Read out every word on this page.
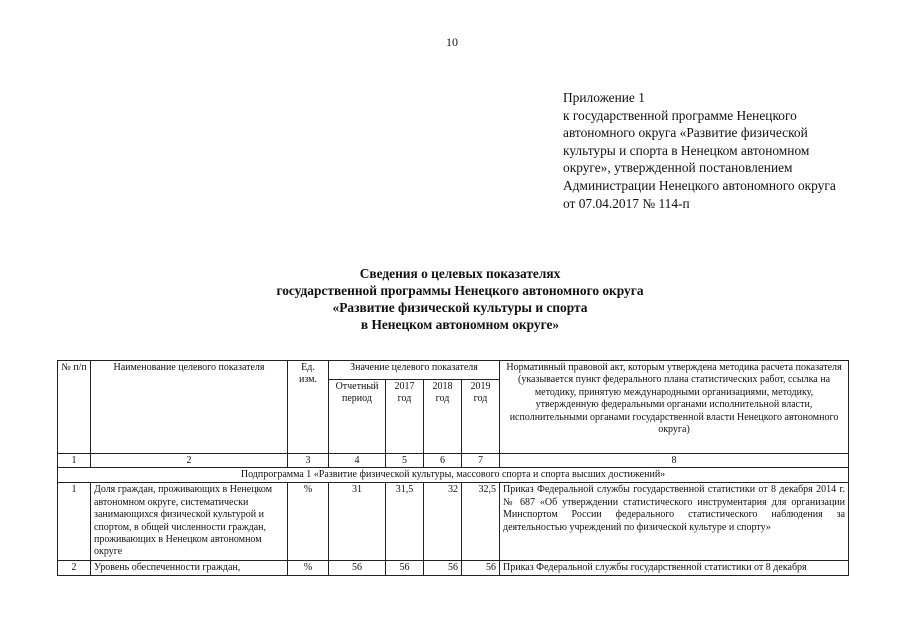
10
Приложение 1
к государственной программе Ненецкого
автономного округа «Развитие физической
культуры и спорта в Ненецком автономном
округе», утвержденной постановлением
Администрации Ненецкого автономного округа
от 07.04.2017 № 114-п
Сведения о целевых показателях
государственной программы Ненецкого автономного округа
«Развитие физической культуры и спорта
в Ненецком автономном округе»
№ п/п	Наименование целевого показателя	Ед. изм.	Значение целевого показателя				Нормативный правовой акт, которым утверждена методика расчета показателя (указывается пункт федерального плана статистических работ, ссылка на методику, принятую международными организациями, методику, утвержденную федеральными органами исполнительной власти, исполнительными органами государственной власти Ненецкого автономного округа)
			Отчетный период	2017 год	2018 год	2019 год	
1	2	3	4	5	6	7	8
Подпрограмма 1 «Развитие физической культуры, массового спорта и спорта высших достижений»							
1	Доля граждан, проживающих в Ненецком автономном округе, систематически занимающихся физической культурой и спортом, в общей численности граждан, проживающих в Ненецком автономном округе	%	31	31,5	32	32,5	Приказ Федеральной службы государственной статистики от 8 декабря 2014 г. № 687 «Об утверждении статистического инструментария для организации Минспортом России федерального статистического наблюдения за деятельностью учреждений по физической культуре и спорту»
2	Уровень обеспеченности граждан,	%	56	56	56	56	Приказ Федеральной службы государственной статистики от 8 декабря
